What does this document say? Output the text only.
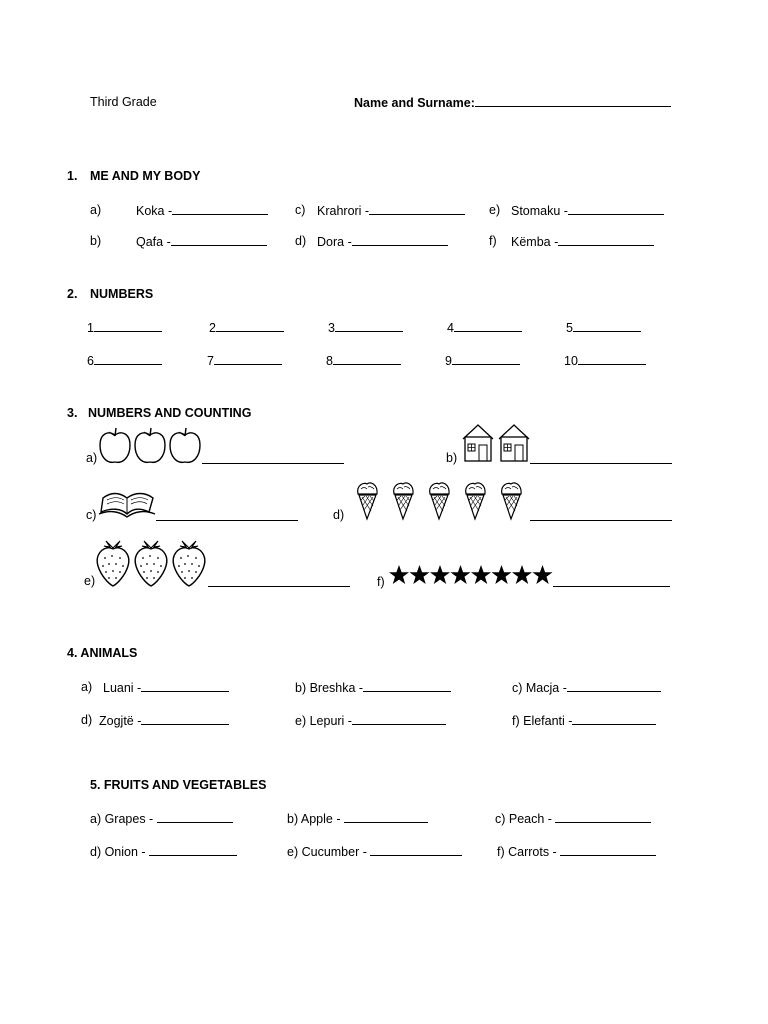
Third Grade	Name and Surname:
1. ME AND MY BODY
a)	Koka -	c) Krahrori -	e) Stomaku -
b)	Qafa -	d) Dora -	f) Këmba -
2. NUMBERS
1	2	3	4	5
6	7	8	9	10
3. NUMBERS AND COUNTING
a)	b)
c)	d)
e)	f)
4. ANIMALS
a) Luani -	b) Breshka -	c) Macja -
d) Zogjtë -	e) Lepuri -	f) Elefanti -
5. FRUITS AND VEGETABLES
a) Grapes -	b) Apple -	c) Peach -
d) Onion -	e) Cucumber -	f) Carrots -
